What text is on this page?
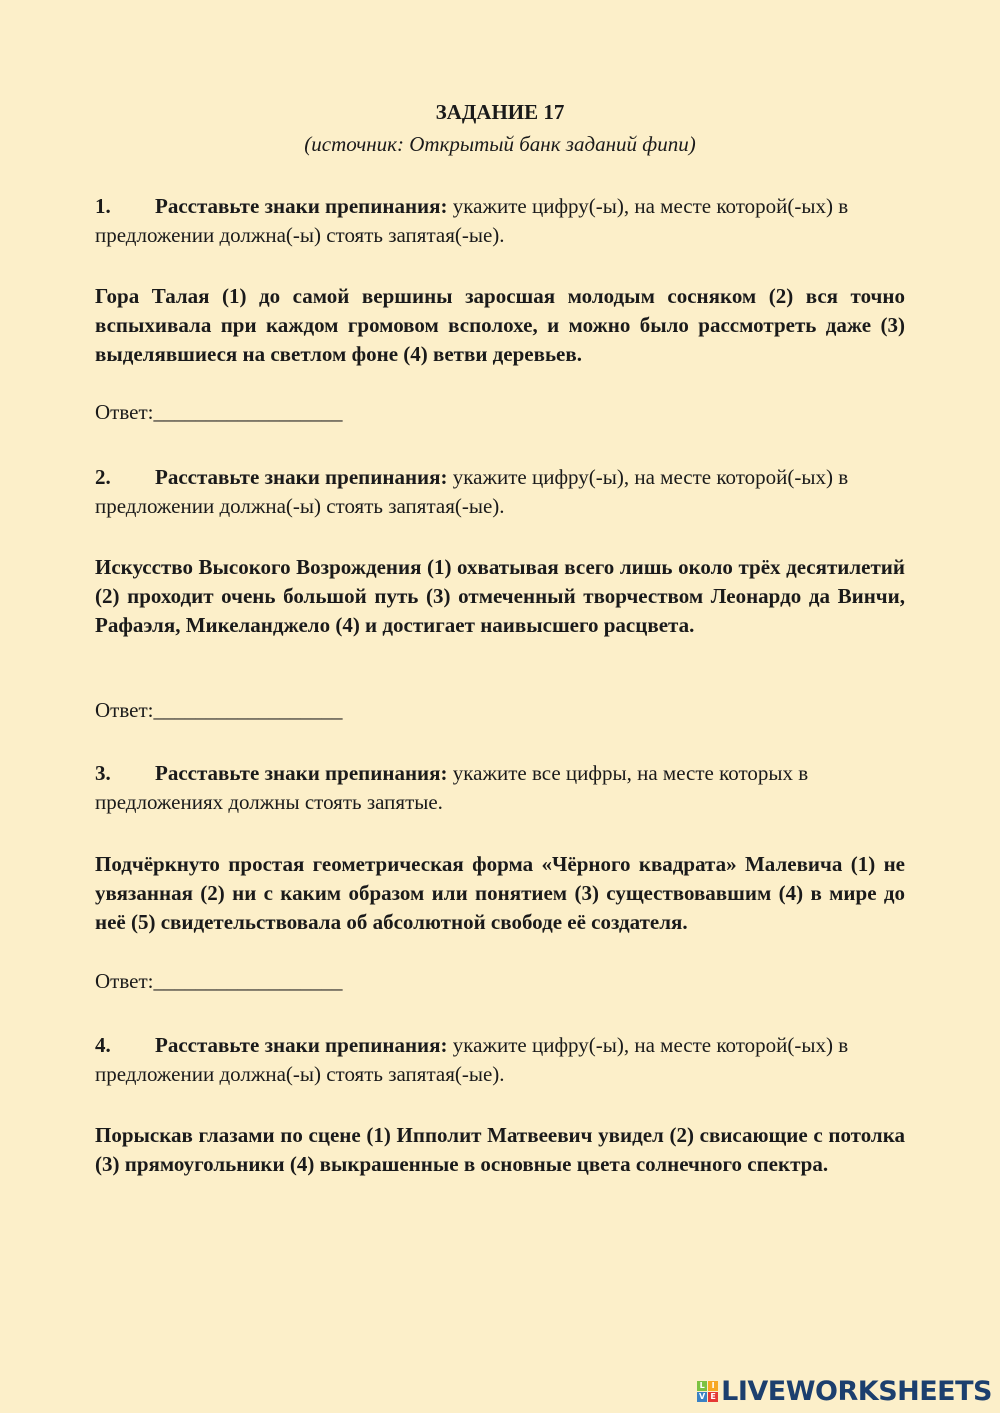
ЗАДАНИЕ 17
(источник: Открытый банк заданий фипи)
1. Расставьте знаки препинания: укажите цифру(-ы), на месте которой(-ых) в предложении должна(-ы) стоять запятая(-ые).
Гора Талая (1) до самой вершины заросшая молодым сосняком (2) вся точно вспыхивала при каждом громовом всполохе, и можно было рассмотреть даже (3) выделявшиеся на светлом фоне (4) ветви деревьев.
Ответ:__________________
2. Расставьте знаки препинания: укажите цифру(-ы), на месте которой(-ых) в предложении должна(-ы) стоять запятая(-ые).
Искусство Высокого Возрождения (1) охватывая всего лишь около трёх десятилетий (2) проходит очень большой путь (3) отмеченный творчеством Леонардо да Винчи, Рафаэля, Микеланджело (4) и достигает наивысшего расцвета.
Ответ:__________________
3. Расставьте знаки препинания: укажите все цифры, на месте которых в предложениях должны стоять запятые.
Подчёркнуто простая геометрическая форма «Чёрного квадрата» Малевича (1) не увязанная (2) ни с каким образом или понятием (3) существовавшим (4) в мире до неё (5) свидетельствовала об абсолютной свободе её создателя.
Ответ:__________________
4. Расставьте знаки препинания: укажите цифру(-ы), на месте которой(-ых) в предложении должна(-ы) стоять запятая(-ые).
Порыскав глазами по сцене (1) Ипполит Матвеевич увидел (2) свисающие с потолка (3) прямоугольники (4) выкрашенные в основные цвета солнечного спектра.
L I
V E LIVEWORKSHEETS
